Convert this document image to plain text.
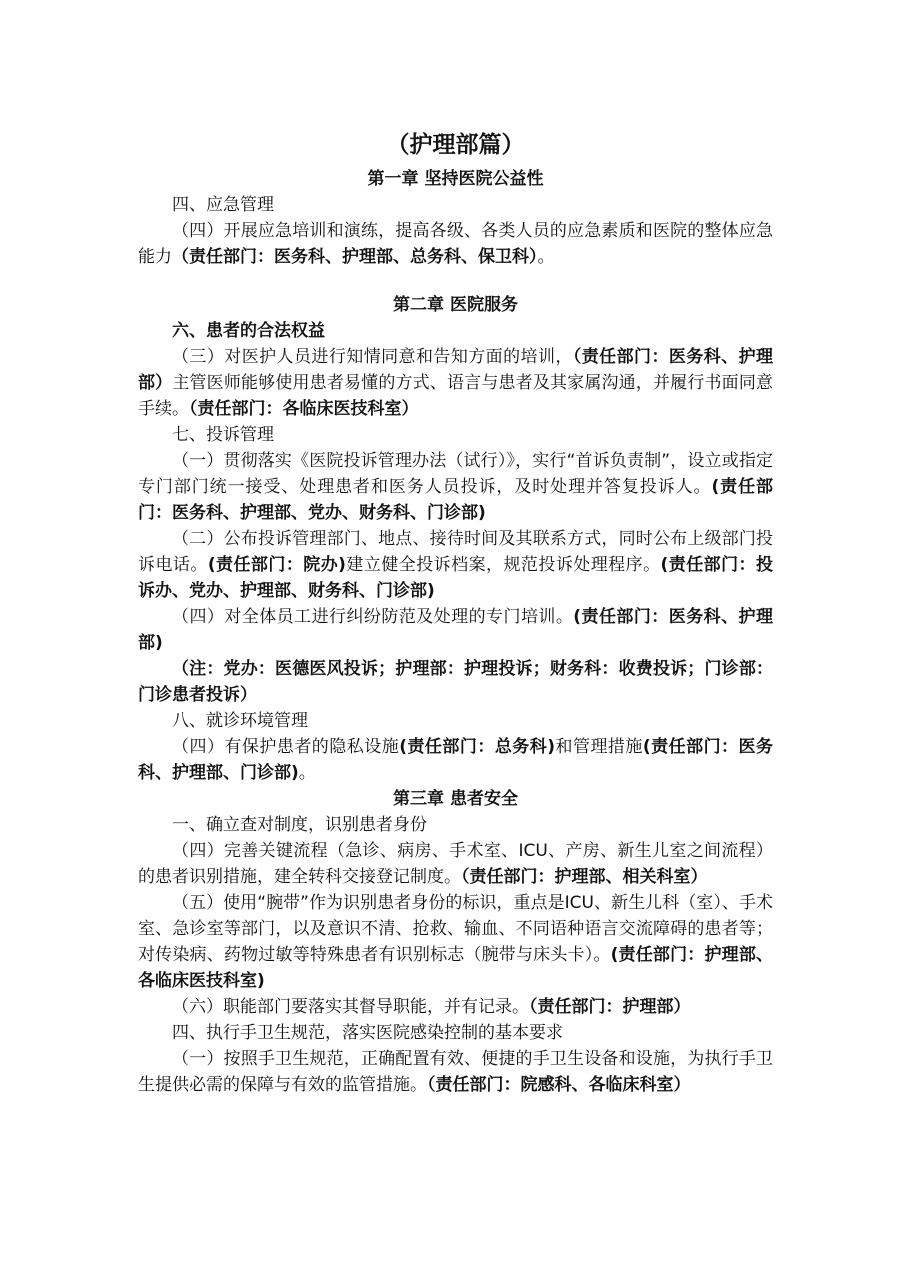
（护理部篇）
第一章 坚持医院公益性

四、应急管理

（四）开展应急培训和演练，提高各级、各类人员的应急素质和医院的整体应急能力（责任部门：医务科、护理部、总务科、保卫科）。

第二章 医院服务

六、患者的合法权益

（三）对医护人员进行知情同意和告知方面的培训，（责任部门：医务科、护理部）主管医师能够使用患者易懂的方式、语言与患者及其家属沟通，并履行书面同意手续。（责任部门：各临床医技科室）

七、投诉管理

（一）贯彻落实《医院投诉管理办法（试行）》，实行“首诉负责制”，设立或指定专门部门统一接受、处理患者和医务人员投诉，及时处理并答复投诉人。(责任部门：医务科、护理部、党办、财务科、门诊部)

（二）公布投诉管理部门、地点、接待时间及其联系方式，同时公布上级部门投诉电话。(责任部门：院办)建立健全投诉档案，规范投诉处理程序。(责任部门：投诉办、党办、护理部、财务科、门诊部)

（四）对全体员工进行纠纷防范及处理的专门培训。(责任部门：医务科、护理部)

（注：党办：医德医风投诉；护理部：护理投诉；财务科：收费投诉；门诊部：门诊患者投诉）

八、就诊环境管理

（四）有保护患者的隐私设施(责任部门：总务科)和管理措施(责任部门：医务科、护理部、门诊部)。

第三章 患者安全

一、确立查对制度，识别患者身份

（四）完善关键流程（急诊、病房、手术室、ICU、产房、新生儿室之间流程）的患者识别措施，建全转科交接登记制度。（责任部门：护理部、相关科室）

（五）使用“腕带”作为识别患者身份的标识，重点是ICU、新生儿科（室）、手术室、急诊室等部门，以及意识不清、抢救、输血、不同语种语言交流障碍的患者等；对传染病、药物过敏等特殊患者有识别标志（腕带与床头卡）。(责任部门：护理部、各临床医技科室)

（六）职能部门要落实其督导职能，并有记录。（责任部门：护理部）

四、执行手卫生规范，落实医院感染控制的基本要求

（一）按照手卫生规范，正确配置有效、便捷的手卫生设备和设施，为执行手卫生提供必需的保障与有效的监管措施。（责任部门：院感科、各临床科室）
